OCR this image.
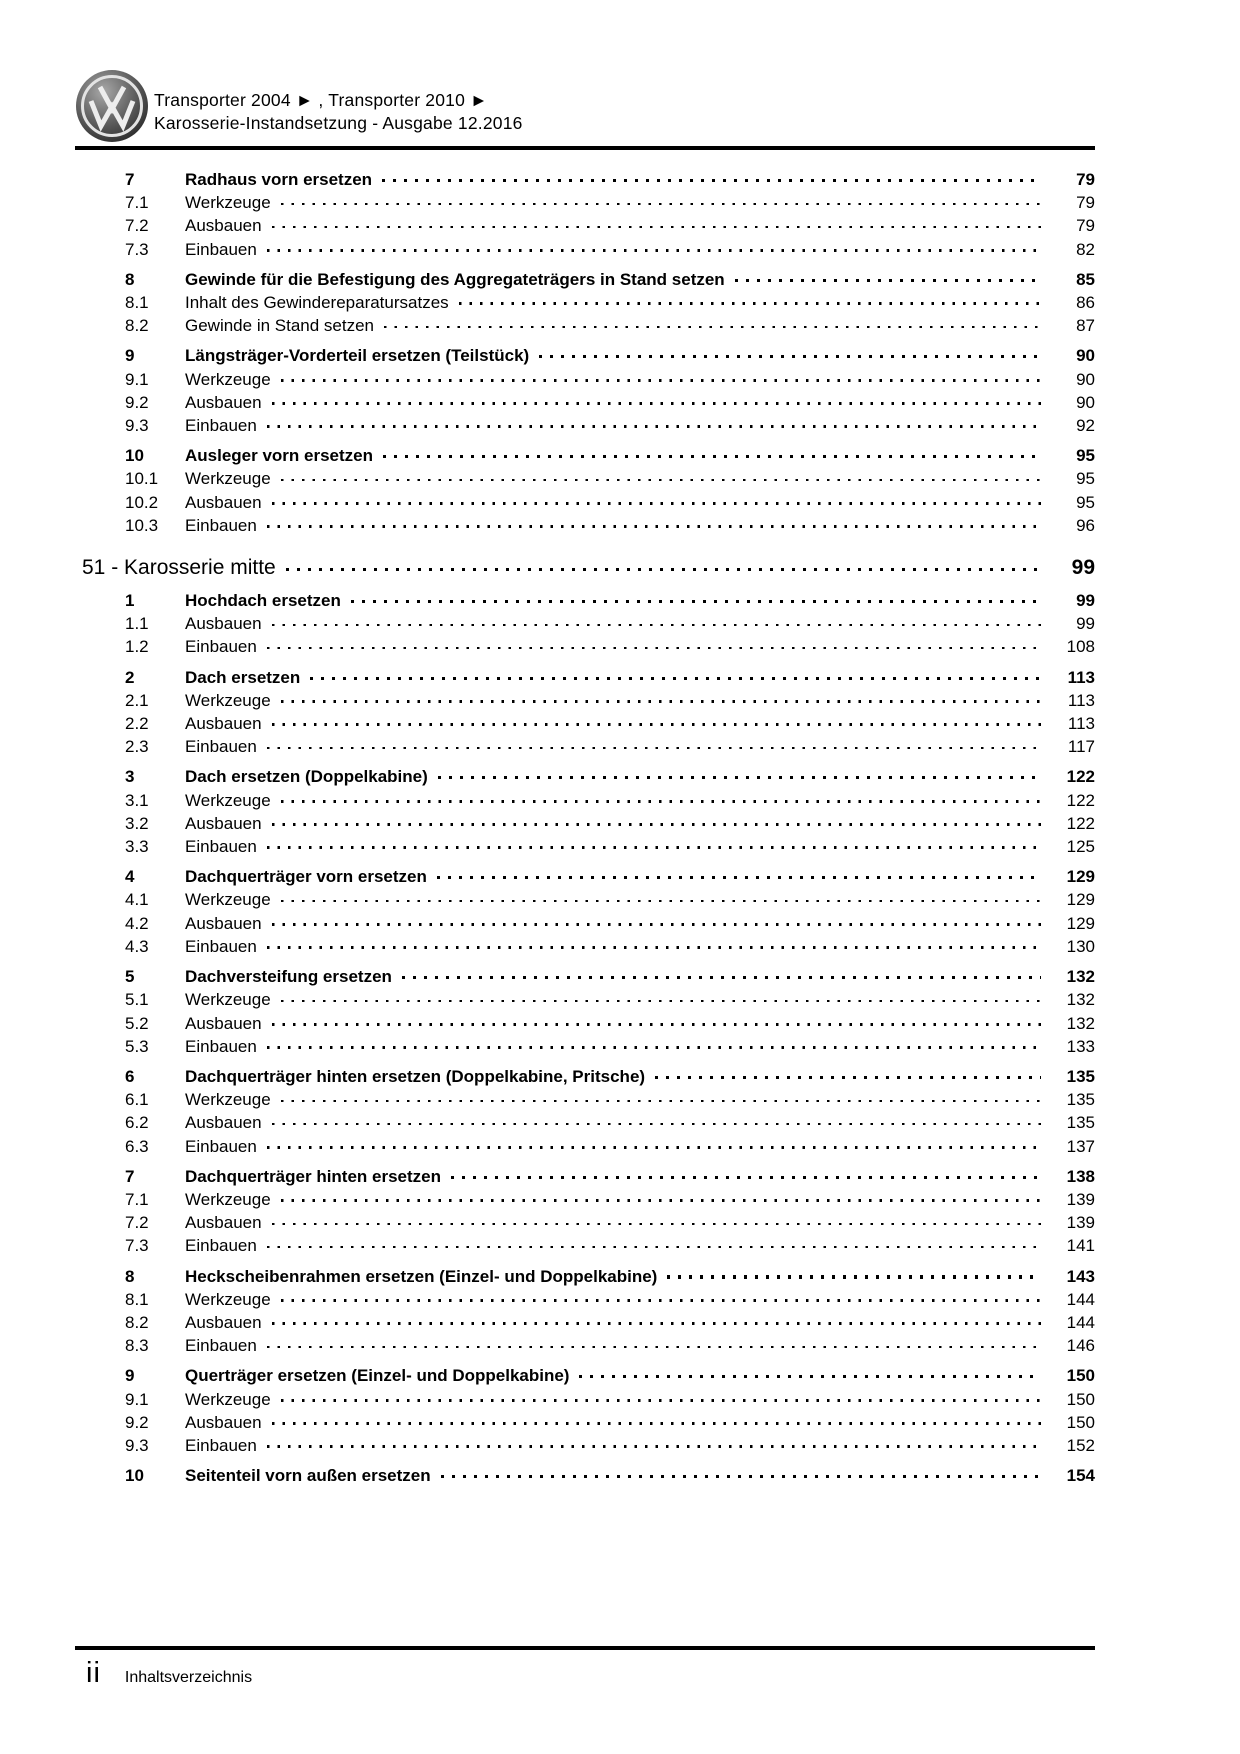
Transporter 2004 ► , Transporter 2010 ►
Karosserie-Instandsetzung - Ausgabe 12.2016
7	Radhaus vorn ersetzen	79
7.1	Werkzeuge	79
7.2	Ausbauen	79
7.3	Einbauen	82
8	Gewinde für die Befestigung des Aggregateträgers in Stand setzen	85
8.1	Inhalt des Gewindereparatursatzes	86
8.2	Gewinde in Stand setzen	87
9	Längsträger-Vorderteil ersetzen (Teilstück)	90
9.1	Werkzeuge	90
9.2	Ausbauen	90
9.3	Einbauen	92
10	Ausleger vorn ersetzen	95
10.1	Werkzeuge	95
10.2	Ausbauen	95
10.3	Einbauen	96
51 - Karosserie mitte	99
1	Hochdach ersetzen	99
1.1	Ausbauen	99
1.2	Einbauen	108
2	Dach ersetzen	113
2.1	Werkzeuge	113
2.2	Ausbauen	113
2.3	Einbauen	117
3	Dach ersetzen (Doppelkabine)	122
3.1	Werkzeuge	122
3.2	Ausbauen	122
3.3	Einbauen	125
4	Dachquerträger vorn ersetzen	129
4.1	Werkzeuge	129
4.2	Ausbauen	129
4.3	Einbauen	130
5	Dachversteifung ersetzen	132
5.1	Werkzeuge	132
5.2	Ausbauen	132
5.3	Einbauen	133
6	Dachquerträger hinten ersetzen (Doppelkabine, Pritsche)	135
6.1	Werkzeuge	135
6.2	Ausbauen	135
6.3	Einbauen	137
7	Dachquerträger hinten ersetzen	138
7.1	Werkzeuge	139
7.2	Ausbauen	139
7.3	Einbauen	141
8	Heckscheibenrahmen ersetzen (Einzel- und Doppelkabine)	143
8.1	Werkzeuge	144
8.2	Ausbauen	144
8.3	Einbauen	146
9	Querträger ersetzen (Einzel- und Doppelkabine)	150
9.1	Werkzeuge	150
9.2	Ausbauen	150
9.3	Einbauen	152
10	Seitenteil vorn außen ersetzen	154
ii Inhaltsverzeichnis
